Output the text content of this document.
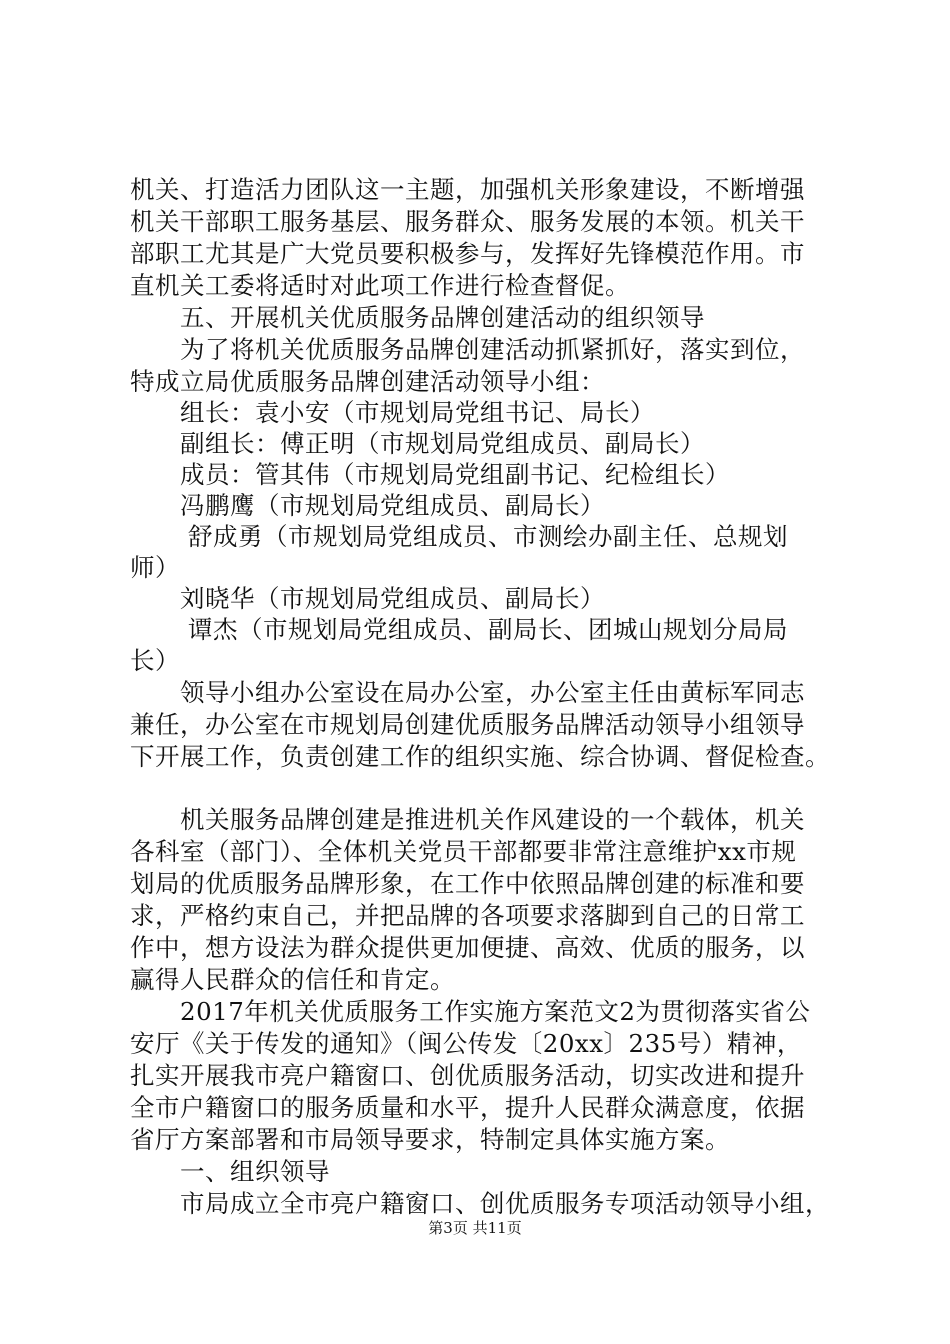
机关、打造活力团队这一主题，加强机关形象建设，不断增强
机关干部职工服务基层、服务群众、服务发展的本领。机关干
部职工尤其是广大党员要积极参与，发挥好先锋模范作用。市
直机关工委将适时对此项工作进行检查督促。
五、开展机关优质服务品牌创建活动的组织领导
为了将机关优质服务品牌创建活动抓紧抓好，落实到位，
特成立局优质服务品牌创建活动领导小组：
组长：袁小安（市规划局党组书记、局长）
副组长：傅正明（市规划局党组成员、副局长）
成员：管其伟（市规划局党组副书记、纪检组长）
冯鹏鹰（市规划局党组成员、副局长）
舒成勇（市规划局党组成员、市测绘办副主任、总规划
师）
刘晓华（市规划局党组成员、副局长）
谭杰（市规划局党组成员、副局长、团城山规划分局局
长）
领导小组办公室设在局办公室，办公室主任由黄标军同志
兼任，办公室在市规划局创建优质服务品牌活动领导小组领导
下开展工作，负责创建工作的组织实施、综合协调、督促检查。
机关服务品牌创建是推进机关作风建设的一个载体，机关
各科室（部门）、全体机关党员干部都要非常注意维护xx市规
划局的优质服务品牌形象，在工作中依照品牌创建的标准和要
求，严格约束自己，并把品牌的各项要求落脚到自己的日常工
作中，想方设法为群众提供更加便捷、高效、优质的服务，以
赢得人民群众的信任和肯定。
2017年机关优质服务工作实施方案范文2为贯彻落实省公
安厅《关于传发的通知》（闽公传发〔20xx〕235号）精神，
扎实开展我市亮户籍窗口、创优质服务活动，切实改进和提升
全市户籍窗口的服务质量和水平，提升人民群众满意度，依据
省厅方案部署和市局领导要求，特制定具体实施方案。
一、组织领导
市局成立全市亮户籍窗口、创优质服务专项活动领导小组，
第3页 共11页
